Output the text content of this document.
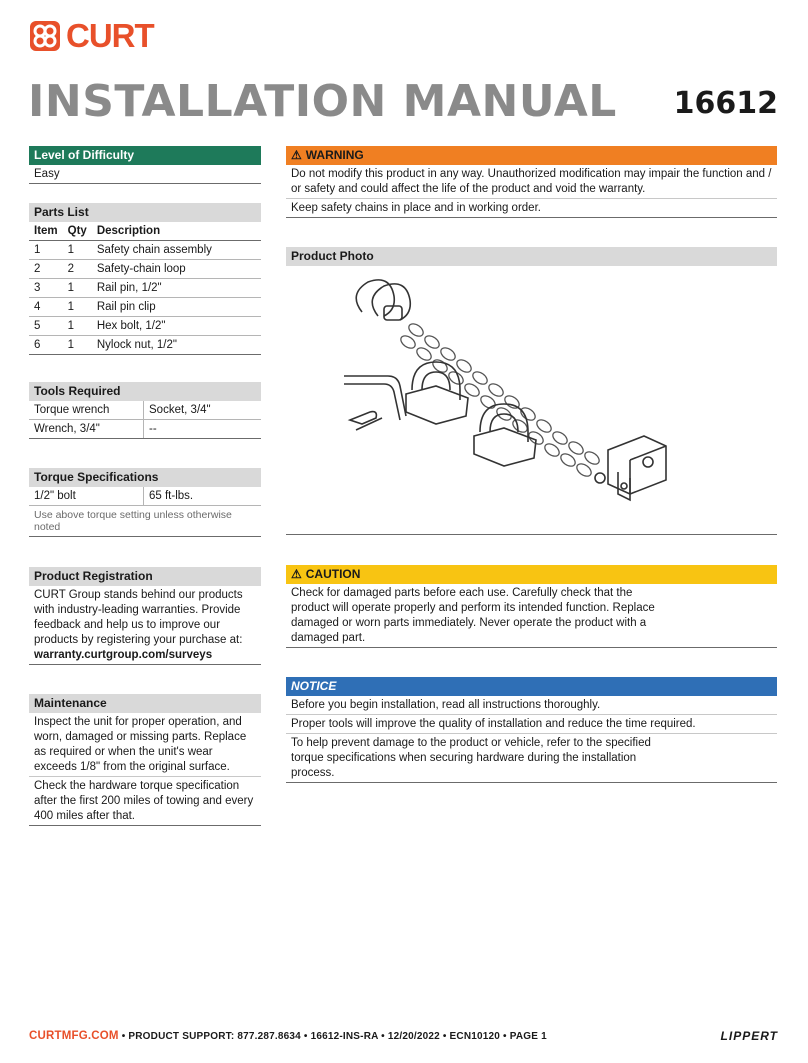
CURT
INSTALLATION MANUAL 16612
Level of Difficulty
Easy
Parts List
Item	Qty	Description
1	1	Safety chain assembly
2	2	Safety-chain loop
3	1	Rail pin, 1/2"
4	1	Rail pin clip
5	1	Hex bolt, 1/2"
6	1	Nylock nut, 1/2"
Tools Required
Torque wrench	Socket, 3/4"
Wrench, 3/4"	--
Torque Specifications
1/2" bolt	65 ft-lbs.
Use above torque setting unless otherwise noted
Product Registration
CURT Group stands behind our products with industry-leading warranties. Provide feedback and help us to improve our products by registering your purchase at:
warranty.curtgroup.com/surveys
Maintenance
Inspect the unit for proper operation, and worn, damaged or missing parts. Replace as required or when the unit's wear exceeds 1/8" from the original surface.
Check the hardware torque specification after the first 200 miles of towing and every 400 miles after that.
⚠ WARNING
Do not modify this product in any way. Unauthorized modification may impair the function and / or safety and could affect the life of the product and void the warranty.
Keep safety chains in place and in working order.
Product Photo
⚠ CAUTION
Check for damaged parts before each use. Carefully check that the product will operate properly and perform its intended function. Replace damaged or worn parts immediately. Never operate the product with a damaged part.
NOTICE
Before you begin installation, read all instructions thoroughly.
Proper tools will improve the quality of installation and reduce the time required.
To help prevent damage to the product or vehicle, refer to the specified torque specifications when securing hardware during the installation process.
CURTMFG.COM • PRODUCT SUPPORT: 877.287.8634 • 16612-INS-RA • 12/20/2022 • ECN10120 • PAGE 1	LIPPERT
